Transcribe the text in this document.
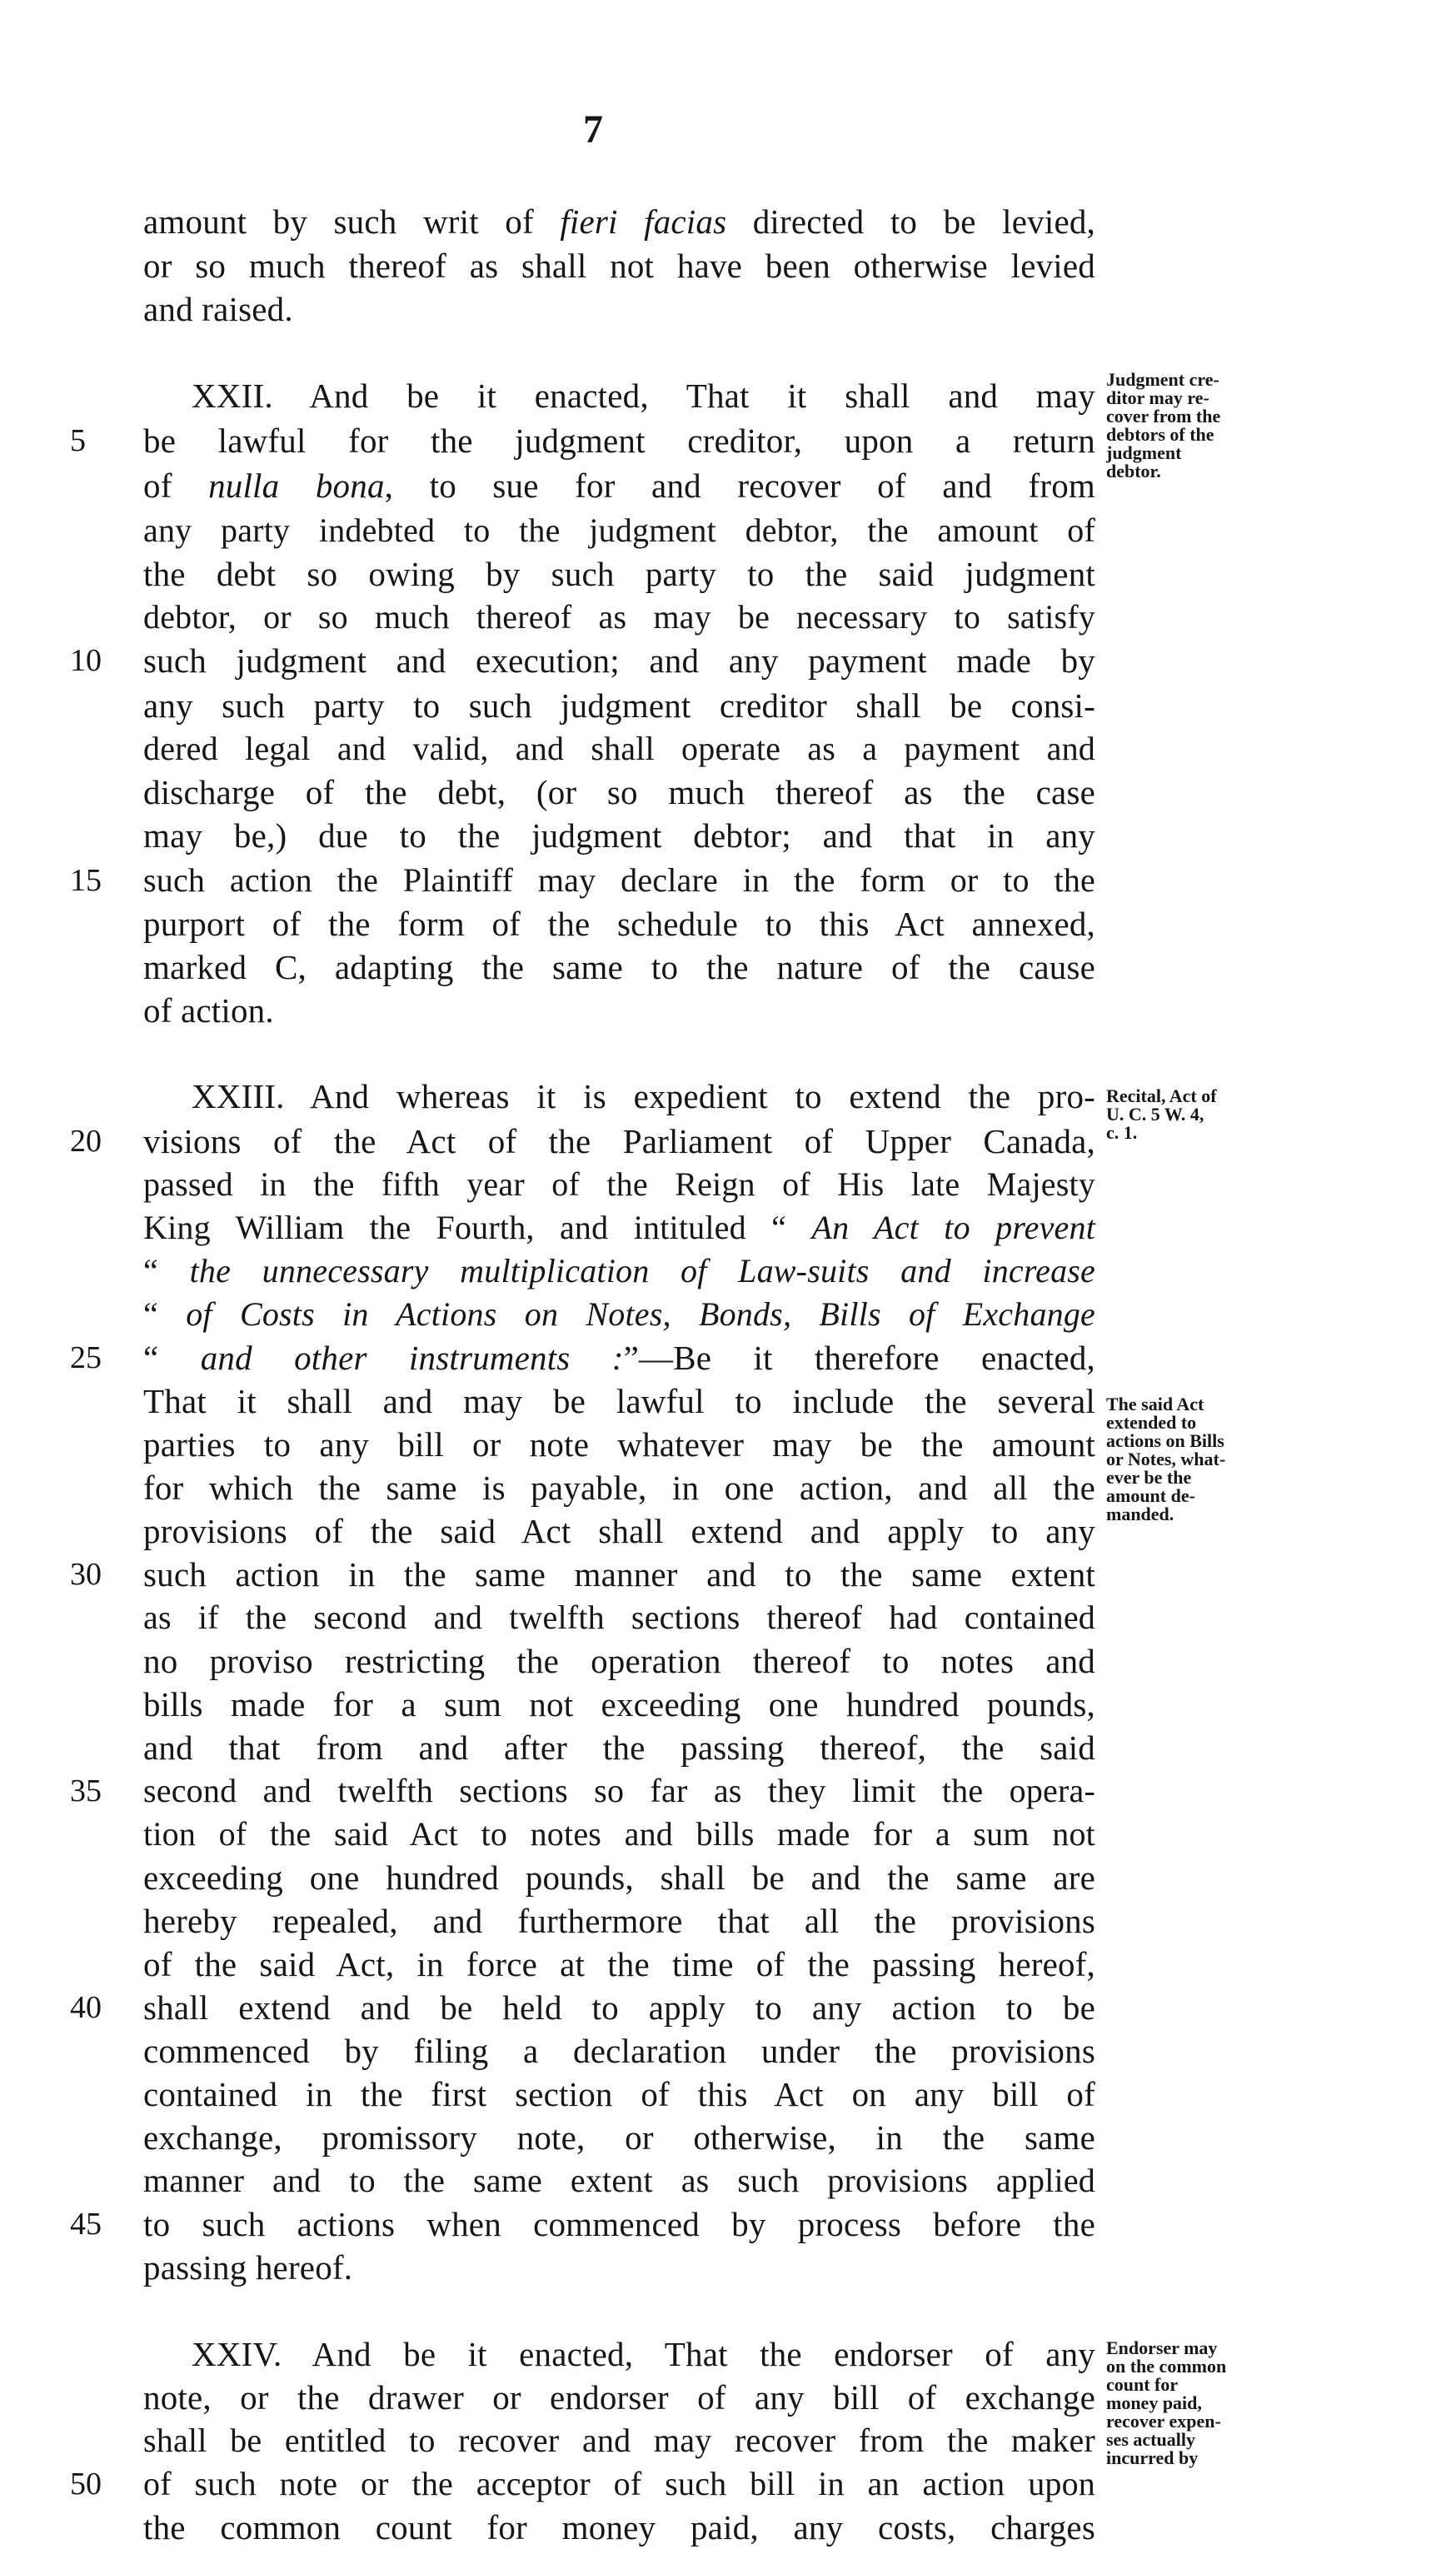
7
amount by such writ of fieri facias directed to be levied,
or so much thereof as shall not have been otherwise levied
and raised.
XXII. And be it enacted, That it shall and may
be lawful for the judgment creditor, upon a return
of nulla bona, to sue for and recover of and from
any party indebted to the judgment debtor, the amount of
the debt so owing by such party to the said judgment
debtor, or so much thereof as may be necessary to satisfy
such judgment and execution; and any payment made by
any such party to such judgment creditor shall be consi-
dered legal and valid, and shall operate as a payment and
discharge of the debt, (or so much thereof as the case
may be,) due to the judgment debtor; and that in any
such action the Plaintiff may declare in the form or to the
purport of the form of the schedule to this Act annexed,
marked C, adapting the same to the nature of the cause
of action.
XXIII. And whereas it is expedient to extend the pro-
visions of the Act of the Parliament of Upper Canada,
passed in the fifth year of the Reign of His late Majesty
King William the Fourth, and intituled “ An Act to prevent
“ the unnecessary multiplication of Law-suits and increase
“ of Costs in Actions on Notes, Bonds, Bills of Exchange
“ and other instruments :”—Be it therefore enacted,
That it shall and may be lawful to include the several
parties to any bill or note whatever may be the amount
for which the same is payable, in one action, and all the
provisions of the said Act shall extend and apply to any
such action in the same manner and to the same extent
as if the second and twelfth sections thereof had contained
no proviso restricting the operation thereof to notes and
bills made for a sum not exceeding one hundred pounds,
and that from and after the passing thereof, the said
second and twelfth sections so far as they limit the opera-
tion of the said Act to notes and bills made for a sum not
exceeding one hundred pounds, shall be and the same are
hereby repealed, and furthermore that all the provisions
of the said Act, in force at the time of the passing hereof,
shall extend and be held to apply to any action to be
commenced by filing a declaration under the provisions
contained in the first section of this Act on any bill of
exchange, promissory note, or otherwise, in the same
manner and to the same extent as such provisions applied
to such actions when commenced by process before the
passing hereof.
XXIV. And be it enacted, That the endorser of any
note, or the drawer or endorser of any bill of exchange
shall be entitled to recover and may recover from the maker
of such note or the acceptor of such bill in an action upon
the common count for money paid, any costs, charges
5
10
15
20
25
30
35
40
45
50
Judgment cre-
ditor may re-
cover from the
debtors of the
judgment
debtor.
Recital, Act of
U. C. 5 W. 4,
c. 1.
The said Act
extended to
actions on Bills
or Notes, what-
ever be the
amount de-
manded.
Endorser may
on the common
count for
money paid,
recover expen-
ses actually
incurred by
